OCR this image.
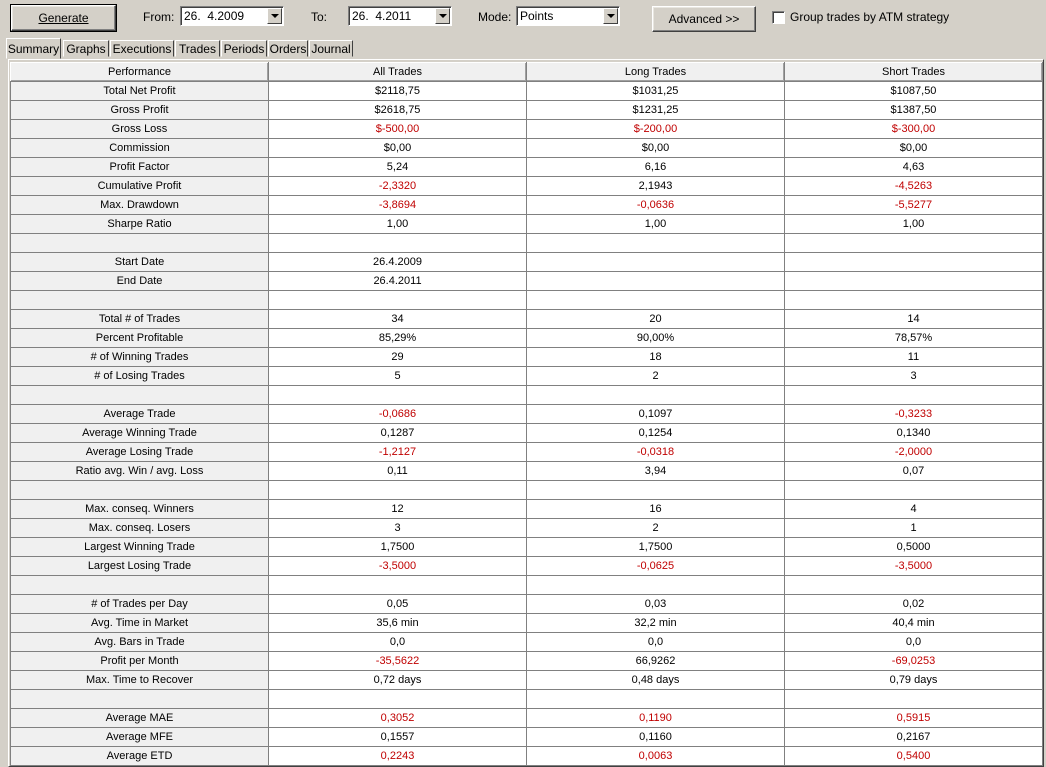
Generate	From: 26.  4.2009	To: 26.  4.2011	Mode: Points	Advanced >>	Group trades by ATM strategy
Summary Graphs Executions Trades Periods Orders Journal
Performance	All Trades	Long Trades	Short Trades
Total Net Profit	$2118,75	$1031,25	$1087,50
Gross Profit	$2618,75	$1231,25	$1387,50
Gross Loss	$-500,00	$-200,00	$-300,00
Commission	$0,00	$0,00	$0,00
Profit Factor	5,24	6,16	4,63
Cumulative Profit	-2,3320	2,1943	-4,5263
Max. Drawdown	-3,8694	-0,0636	-5,5277
Sharpe Ratio	1,00	1,00	1,00

Start Date	26.4.2009		
End Date	26.4.2011		

Total # of Trades	34	20	14
Percent Profitable	85,29%	90,00%	78,57%
# of Winning Trades	29	18	11
# of Losing Trades	5	2	3

Average Trade	-0,0686	0,1097	-0,3233
Average Winning Trade	0,1287	0,1254	0,1340
Average Losing Trade	-1,2127	-0,0318	-2,0000
Ratio avg. Win / avg. Loss	0,11	3,94	0,07

Max. conseq. Winners	12	16	4
Max. conseq. Losers	3	2	1
Largest Winning Trade	1,7500	1,7500	0,5000
Largest Losing Trade	-3,5000	-0,0625	-3,5000

# of Trades per Day	0,05	0,03	0,02
Avg. Time in Market	35,6 min	32,2 min	40,4 min
Avg. Bars in Trade	0,0	0,0	0,0
Profit per Month	-35,5622	66,9262	-69,0253
Max. Time to Recover	0,72 days	0,48 days	0,79 days

Average MAE	0,3052	0,1190	0,5915
Average MFE	0,1557	0,1160	0,2167
Average ETD	0,2243	0,0063	0,5400
